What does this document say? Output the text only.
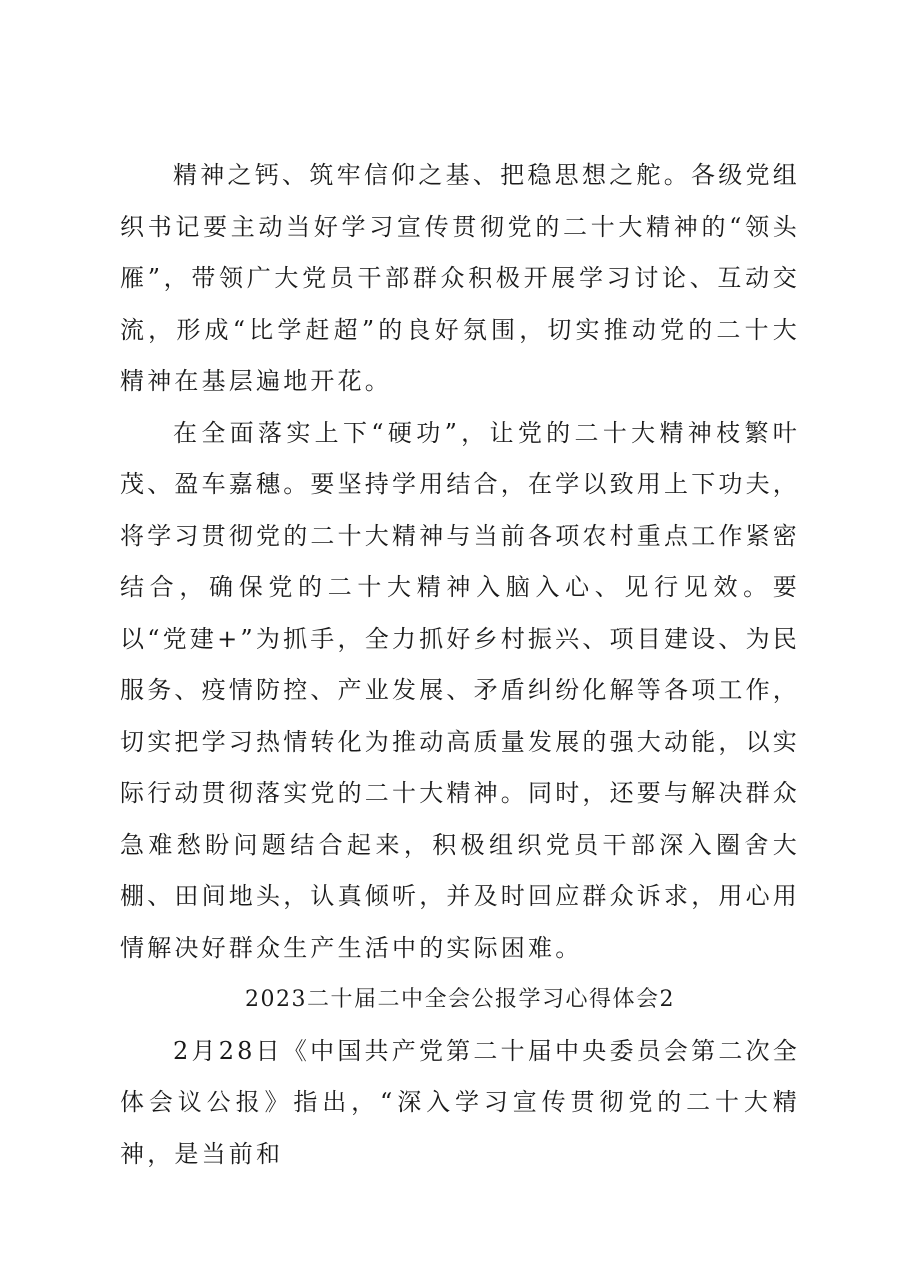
精神之钙、筑牢信仰之基、把稳思想之舵。各级党组织书记要主动当好学习宣传贯彻党的二十大精神的“领头雁”，带领广大党员干部群众积极开展学习讨论、互动交流，形成“比学赶超”的良好氛围，切实推动党的二十大精神在基层遍地开花。

在全面落实上下“硬功”，让党的二十大精神枝繁叶茂、盈车嘉穗。要坚持学用结合，在学以致用上下功夫，将学习贯彻党的二十大精神与当前各项农村重点工作紧密结合，确保党的二十大精神入脑入心、见行见效。要以“党建+”为抓手，全力抓好乡村振兴、项目建设、为民服务、疫情防控、产业发展、矛盾纠纷化解等各项工作，切实把学习热情转化为推动高质量发展的强大动能，以实际行动贯彻落实党的二十大精神。同时，还要与解决群众急难愁盼问题结合起来，积极组织党员干部深入圈舍大棚、田间地头，认真倾听，并及时回应群众诉求，用心用情解决好群众生产生活中的实际困难。

2023二十届二中全会公报学习心得体会2

2月28日《中国共产党第二十届中央委员会第二次全体会议公报》指出，“深入学习宣传贯彻党的二十大精神，是当前和
